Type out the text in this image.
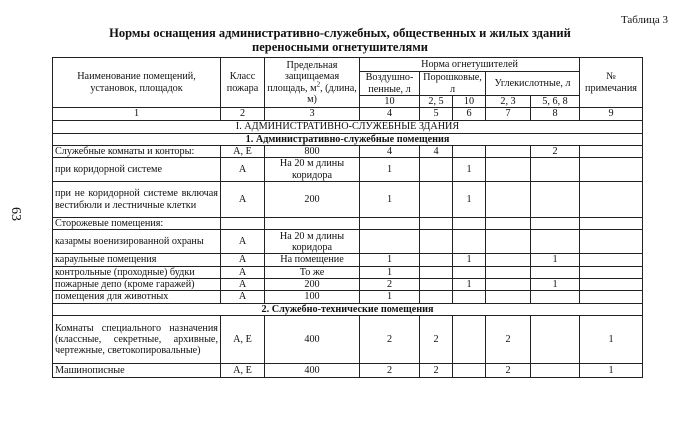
63
Таблица 3
Нормы оснащения административно-служебных, общественных и жилых зданий
переносными огнетушителями
Наименование помещений, установок, площадок	Класс пожара	Предельная защищаемая площадь, $м^2$, (длина, м)	Норма огнетушителей					№ примечания
			Воздушно-пенные, л	Порошковые, л		Углекислотные, л		
			10	2, 5	10	2, 3	5, 6, 8	
1	2	3	4	5	6	7	8	9
I. АДМИНИСТРАТИВНО-СЛУЖЕБНЫЕ ЗДАНИЯ								
1. Административно-служебные помещения								
Служебные комнаты и конторы:	А, Е	800	4	4			2	
при коридорной системе	А	На 20 м длины коридора	1		1			
при не коридорной системе включая вестибюли и лестничные клетки	А	200	1		1			
Сторожевые помещения:								
казармы военизированной охраны	А	На 20 м длины коридора						
караульные помещения	А	На помещение	1		1		1	
контрольные (проходные) будки	А	То же	1					
пожарные депо (кроме гаражей)	А	200	2		1		1	
помещения для животных	А	100	1					
2. Служебно-технические помещения								
Комнаты специального назначения (классные, секретные, архивные, чертежные, светокопировальные)	А, Е	400	2	2		2		1
Машинописные	А, Е	400	2	2		2		1
